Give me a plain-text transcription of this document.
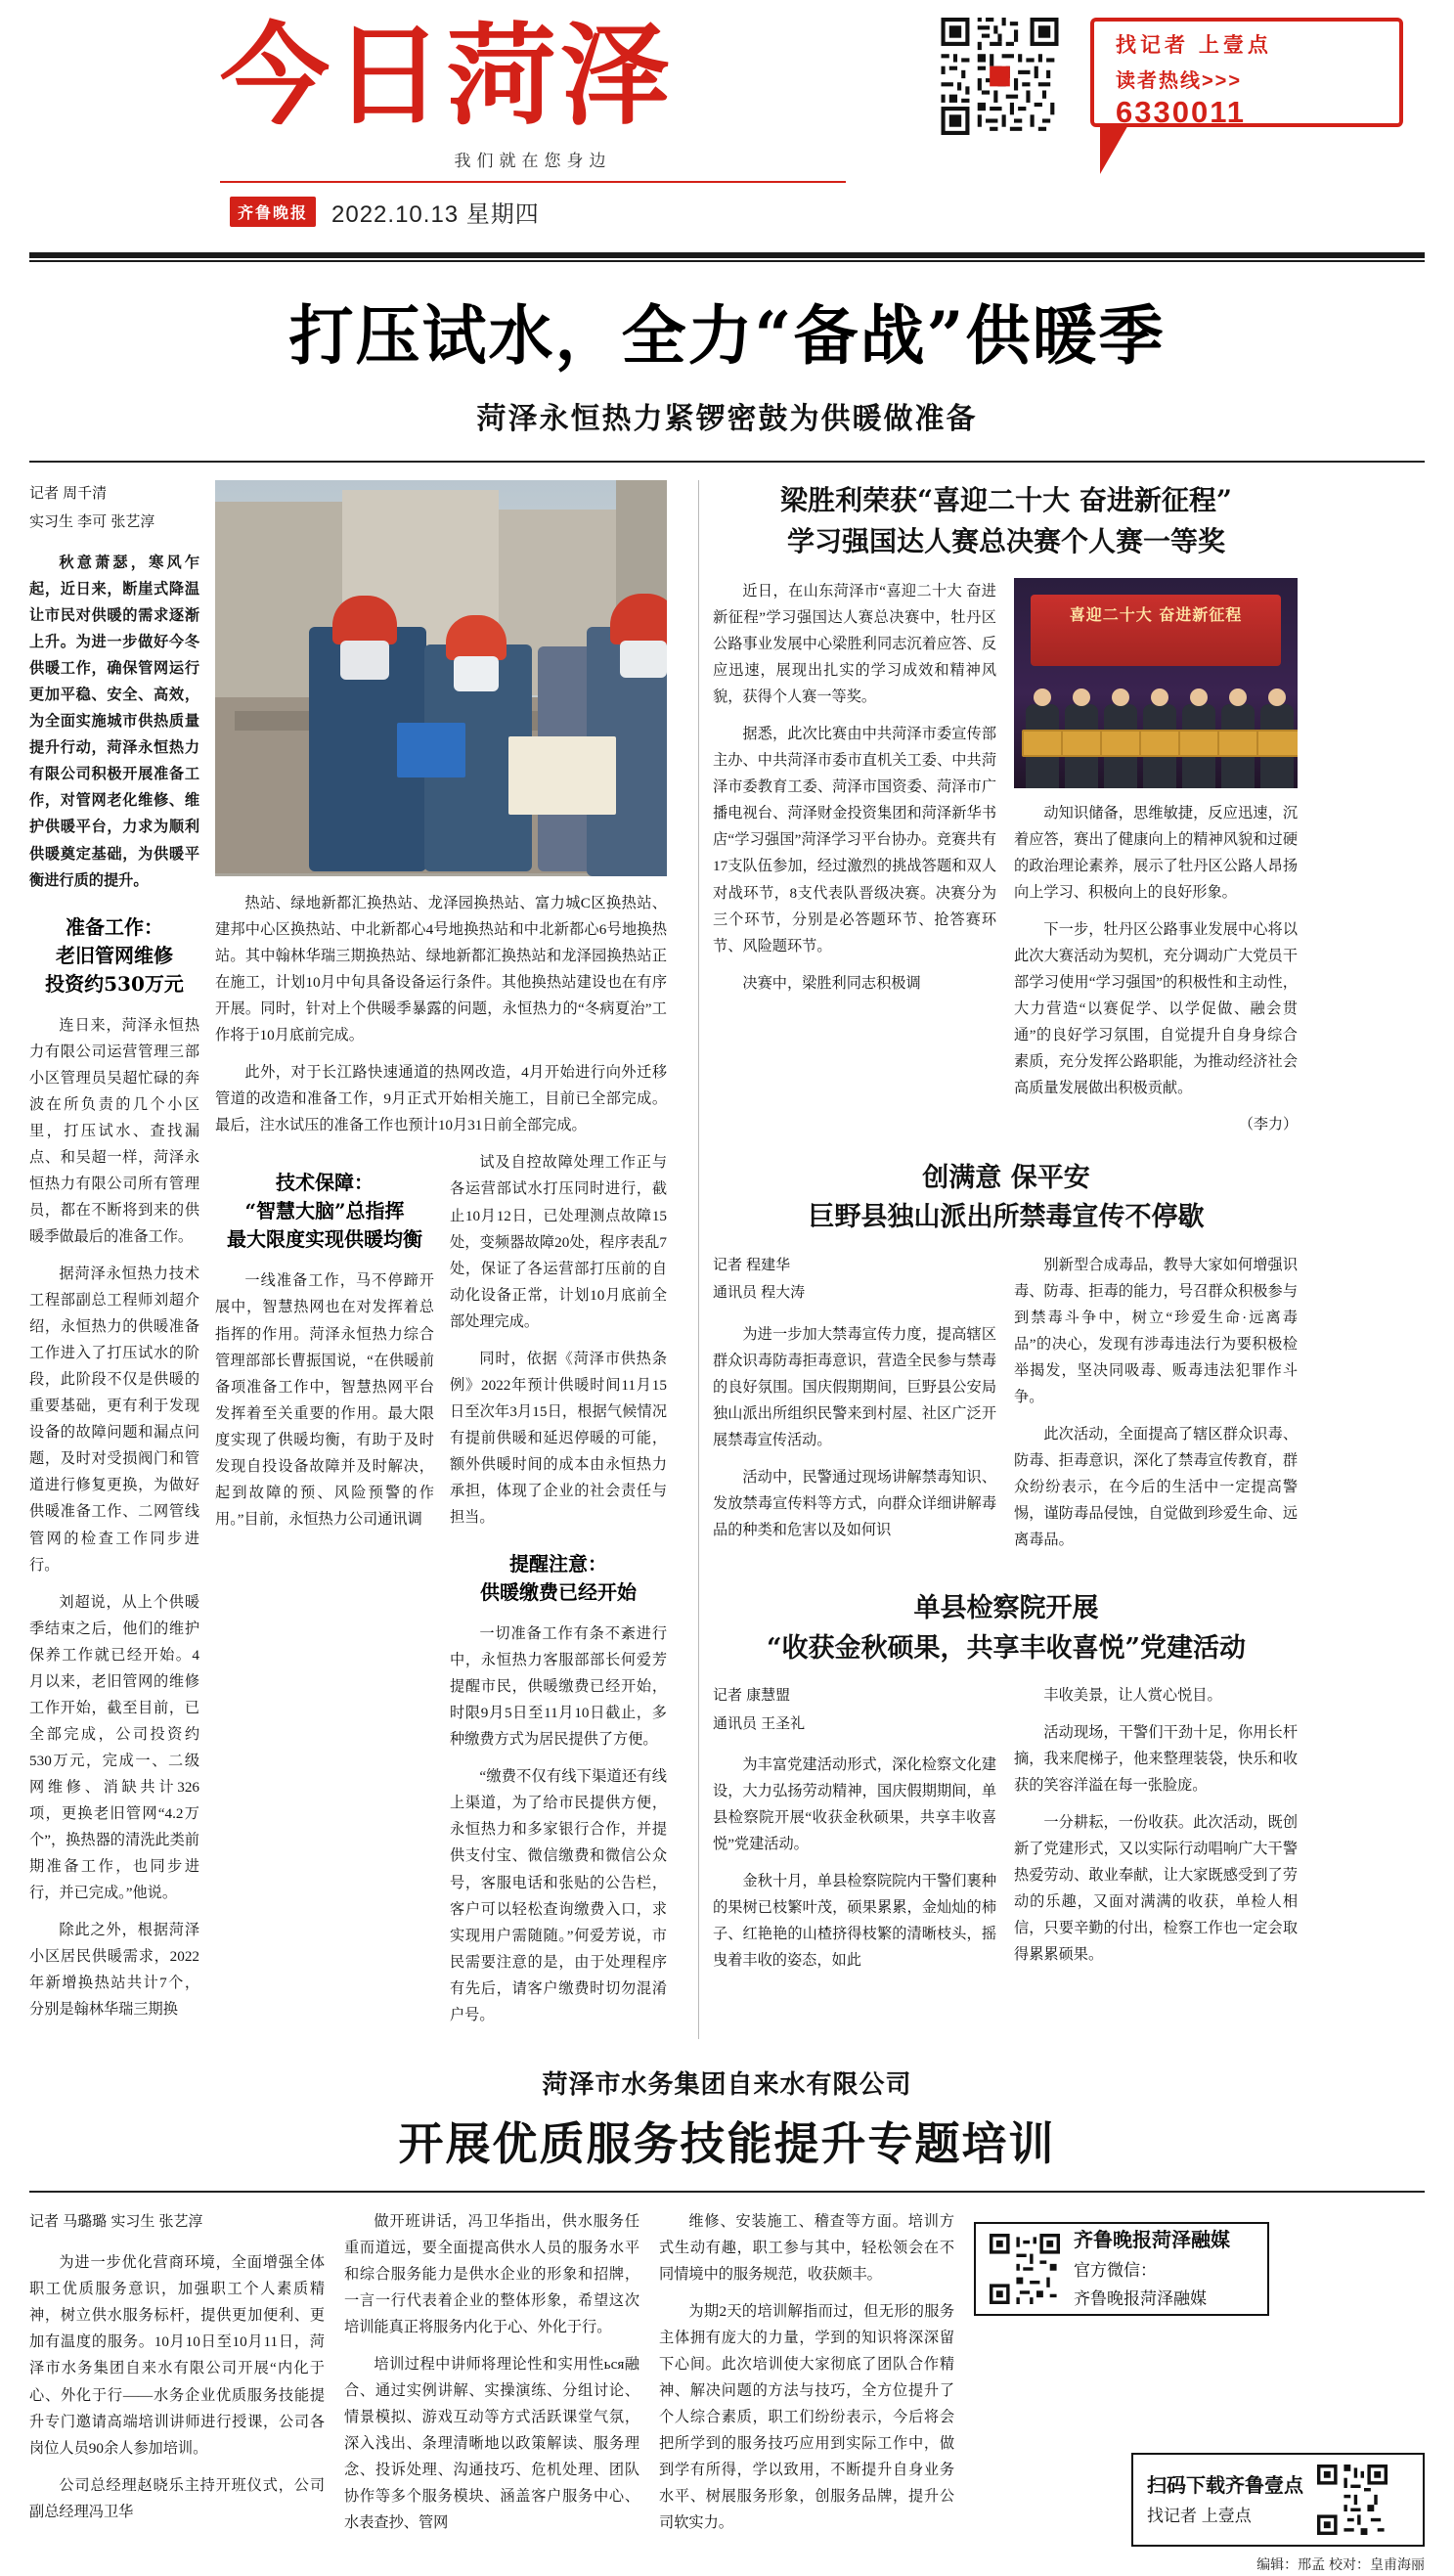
今日菏泽
我们就在您身边
齐鲁晚报	2022.10.13 星期四
找记者 上壹点
读者热线>>>
6330011
打压试水，全力“备战”供暖季
菏泽永恒热力紧锣密鼓为供暖做准备
记者 周千清
实习生 李可 张艺淳

秋意萧瑟，寒风乍起，近日来，断崖式降温让市民对供暖的需求逐渐上升。为进一步做好今冬供暖工作，确保管网运行更加平稳、安全、高效，为全面实施城市供热质量提升行动，菏泽永恒热力有限公司积极开展准备工作，对管网老化维修、维护供暖平台，力求为顺利供暖奠定基础，为供暖平衡进行质的提升。

准备工作：
老旧管网维修
投资约530万元

连日来，菏泽永恒热力有限公司运营管理三部小区管理员吴超忙碌的奔波在所负责的几个小区里，打压试水、查找漏点、和吴超一样，菏泽永恒热力有限公司所有管理员，都在不断将到来的供暖季做最后的准备工作。

据菏泽永恒热力技术工程部副总工程师刘超介绍，永恒热力的供暖准备工作进入了打压试水的阶段，此阶段不仅是供暖的重要基础，更有利于发现设备的故障问题和漏点问题，及时对受损阀门和管道进行修复更换，为做好供暖准备工作、二网管线管网的检查工作同步进行。

刘超说，从上个供暖季结束之后，他们的维护保养工作就已经开始。4月以来，老旧管网的维修工作开始，截至目前，已全部完成，公司投资约530万元，完成一、二级网维修、消缺共计326项，更换老旧管网“4.2万个”，换热器的清洗此类前期准备工作，也同步进行，并已完成。”他说。

除此之外，根据菏泽小区居民供暖需求，2022年新增换热站共计7个，分别是翰林华瑞三期换

热站、绿地新都汇换热站、龙泽园换热站、富力城C区换热站、建邦中心区换热站、中北新都心4号地换热站和中北新都心6号地换热站。其中翰林华瑞三期换热站、绿地新都汇换热站和龙泽园换热站正在施工，计划10月中旬具备设备运行条件。其他换热站建设也在有序开展。同时，针对上个供暖季暴露的问题，永恒热力的“冬病夏治”工作将于10月底前完成。

此外，对于长江路快速通道的热网改造，4月开始进行向外迁移管道的改造和准备工作，9月正式开始相关施工，目前已全部完成。最后，注水试压的准备工作也预计10月31日前全部完成。

技术保障：
“智慧大脑”总指挥
最大限度实现供暖均衡

一线准备工作，马不停蹄开展中，智慧热网也在对发挥着总指挥的作用。菏泽永恒热力综合管理部部长曹振国说，“在供暖前备项准备工作中，智慧热网平台发挥着至关重要的作用。最大限度实现了供暖均衡，有助于及时发现自投设备故障并及时解决，起到故障的预、风险预警的作用。”目前，永恒热力公司通讯调

试及自控故障处理工作正与各运营部试水打压同时进行，截止10月12日，已处理测点故障15处，变频器故障20处，程序表乱7处，保证了各运营部打压前的自动化设备正常，计划10月底前全部处理完成。

同时，依据《菏泽市供热条例》2022年预计供暖时间11月15日至次年3月15日，根据气候情况有提前供暖和延迟停暖的可能，额外供暖时间的成本由永恒热力承担，体现了企业的社会责任与担当。

提醒注意：
供暖缴费已经开始

一切准备工作有条不紊进行中，永恒热力客服部部长何爱芳提醒市民，供暖缴费已经开始，时限9月5日至11月10日截止，多种缴费方式为居民提供了方便。

“缴费不仅有线下渠道还有线上渠道，为了给市民提供方便，永恒热力和多家银行合作，并提供支付宝、微信缴费和微信公众号，客服电话和张贴的公告栏，客户可以轻松查询缴费入口，求实现用户需随随。”何爱芳说，市民需要注意的是，由于处理程序有先后，请客户缴费时切勿混淆户号。

梁胜利荣获“喜迎二十大 奋进新征程”
学习强国达人赛总决赛个人赛一等奖

近日，在山东菏泽市“喜迎二十大 奋进新征程”学习强国达人赛总决赛中，牡丹区公路事业发展中心梁胜利同志沉着应答、反应迅速，展现出扎实的学习成效和精神风貌，获得个人赛一等奖。

据悉，此次比赛由中共菏泽市委宣传部主办、中共菏泽市委市直机关工委、中共菏泽市委教育工委、菏泽市国资委、菏泽市广播电视台、菏泽财金投资集团和菏泽新华书店“学习强国”菏泽学习平台协办。竞赛共有17支队伍参加，经过激烈的挑战答题和双人对战环节，8支代表队晋级决赛。决赛分为三个环节，分别是必答题环节、抢答赛环节、风险题环节。

决赛中，梁胜利同志积极调

喜迎二十大 奋进新征程

动知识储备，思维敏捷，反应迅速，沉着应答，赛出了健康向上的精神风貌和过硬的政治理论素养，展示了牡丹区公路人昂扬向上学习、积极向上的良好形象。

下一步，牡丹区公路事业发展中心将以此次大赛活动为契机，充分调动广大党员干部学习使用“学习强国”的积极性和主动性，大力营造“以赛促学、以学促做、融会贯通”的良好学习氛围，自觉提升自身身综合素质，充分发挥公路职能，为推动经济社会高质量发展做出积极贡献。

（李力）
创满意 保平安
巨野县独山派出所禁毒宣传不停歇
记者 程建华
通讯员 程大涛

为进一步加大禁毒宣传力度，提高辖区群众识毒防毒拒毒意识，营造全民参与禁毒的良好氛围。国庆假期期间，巨野县公安局独山派出所组织民警来到村屋、社区广泛开展禁毒宣传活动。

活动中，民警通过现场讲解禁毒知识、发放禁毒宣传料等方式，向群众详细讲解毒品的种类和危害以及如何识

别新型合成毒品，教导大家如何增强识毒、防毒、拒毒的能力，号召群众积极参与到禁毒斗争中，树立“珍爱生命·远离毒品”的决心，发现有涉毒违法行为要积极检举揭发，坚决同吸毒、贩毒违法犯罪作斗争。

此次活动，全面提高了辖区群众识毒、防毒、拒毒意识，深化了禁毒宣传教育，群众纷纷表示，在今后的生活中一定提高警惕，谨防毒品侵蚀，自觉做到珍爱生命、远离毒品。

单县检察院开展
“收获金秋硕果，共享丰收喜悦”党建活动
记者 康慧盟
通讯员 王圣礼

为丰富党建活动形式，深化检察文化建设，大力弘扬劳动精神，国庆假期期间，单县检察院开展“收获金秋硕果，共享丰收喜悦”党建活动。

金秋十月，单县检察院院内干警们裹种的果树已枝繁叶茂，硕果累累，金灿灿的柿子、红艳艳的山楂挤得枝繁的清晰枝头，摇曳着丰收的姿态，如此

丰收美景，让人赏心悦目。

活动现场，干警们干劲十足，你用长杆摘，我来爬梯子，他来整理装袋，快乐和收获的笑容洋溢在每一张脸庞。

一分耕耘，一份收获。此次活动，既创新了党建形式，又以实际行动唱响广大干警热爱劳动、敢业奉献，让大家既感受到了劳动的乐趣，又面对满满的收获，单检人相信，只要辛勤的付出，检察工作也一定会取得累累硕果。

菏泽市水务集团自来水有限公司
开展优质服务技能提升专题培训
记者 马璐璐 实习生 张艺淳

为进一步优化营商环境，全面增强全体职工优质服务意识，加强职工个人素质精神，树立供水服务标杆，提供更加便利、更加有温度的服务。10月10日至10月11日，菏泽市水务集团自来水有限公司开展“内化于心、外化于行——水务企业优质服务技能提升专门邀请高端培训讲师进行授课，公司各岗位人员90余人参加培训。

公司总经理赵晓乐主持开班仪式，公司副总经理冯卫华

做开班讲话，冯卫华指出，供水服务任重而道远，要全面提高供水人员的服务水平和综合服务能力是供水企业的形象和招牌，一言一行代表着企业的整体形象，希望这次培训能真正将服务内化于心、外化于行。

培训过程中讲师将理论性和实用性ься融合、通过实例讲解、实操演练、分组讨论、情景模拟、游戏互动等方式活跃课堂气氛，深入浅出、条理清晰地以政策解读、服务理念、投诉处理、沟通技巧、危机处理、团队协作等多个服务模块、涵盖客户服务中心、水表查抄、管网

维修、安装施工、稽查等方面。培训方式生动有趣，职工参与其中，轻松领会在不同情境中的服务规范，收获颇丰。

为期2天的培训解指而过，但无形的服务主体拥有庞大的力量，学到的知识将深深留下心间。此次培训使大家彻底了团队合作精神、解决问题的方法与技巧，全方位提升了个人综合素质，职工们纷纷表示，今后将会把所学到的服务技巧应用到实际工作中，做到学有所得，学以致用，不断提升自身业务水平、树展服务形象，创服务品牌，提升公司软实力。

齐鲁晚报菏泽融媒
官方微信：
齐鲁晚报菏泽融媒
扫码下载齐鲁壹点
找记者 上壹点
编辑：邢孟 校对：皇甫海丽
